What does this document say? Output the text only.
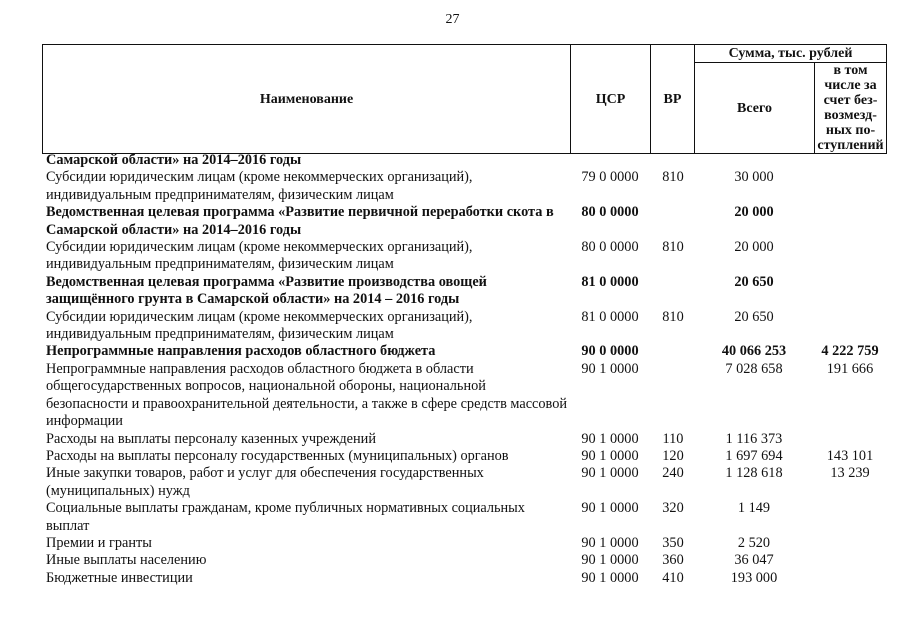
27
Наименование	ЦСР	ВР	Сумма, тыс. рублей	
			Всего	в том числе за счет без-возмезд-ных по-ступлений
Самарской области» на 2014–2016 годы				
Субсидии юридическим лицам (кроме некоммерческих организаций), индивидуальным предпринимателям, физическим лицам	79 0 0000	810	30 000	
Ведомственная целевая программа «Развитие первичной переработки скота в Самарской области» на 2014–2016 годы	80 0 0000		20 000	
Субсидии юридическим лицам (кроме некоммерческих организаций), индивидуальным предпринимателям, физическим лицам	80 0 0000	810	20 000	
Ведомственная целевая программа «Развитие производства овощей защищённого грунта в Самарской области» на 2014 – 2016 годы	81 0 0000		20 650	
Субсидии юридическим лицам (кроме некоммерческих организаций), индивидуальным предпринимателям, физическим лицам	81 0 0000	810	20 650	
Непрограммные направления расходов областного бюджета	90 0 0000		40 066 253	4 222 759
Непрограммные направления расходов областного бюджета в области общегосударственных вопросов, национальной обороны, национальной безопасности и правоохранительной деятельности, а также в сфере средств массовой информации	90 1 0000		7 028 658	191 666
Расходы на выплаты персоналу казенных учреждений	90 1 0000	110	1 116 373	
Расходы на выплаты персоналу государственных (муниципальных) органов	90 1 0000	120	1 697 694	143 101
Иные закупки товаров, работ и услуг для обеспечения государственных (муниципальных) нужд	90 1 0000	240	1 128 618	13 239
Социальные выплаты гражданам, кроме публичных нормативных социальных выплат	90 1 0000	320	1 149	
Премии и гранты	90 1 0000	350	2 520	
Иные выплаты населению	90 1 0000	360	36 047	
Бюджетные инвестиции	90 1 0000	410	193 000	
